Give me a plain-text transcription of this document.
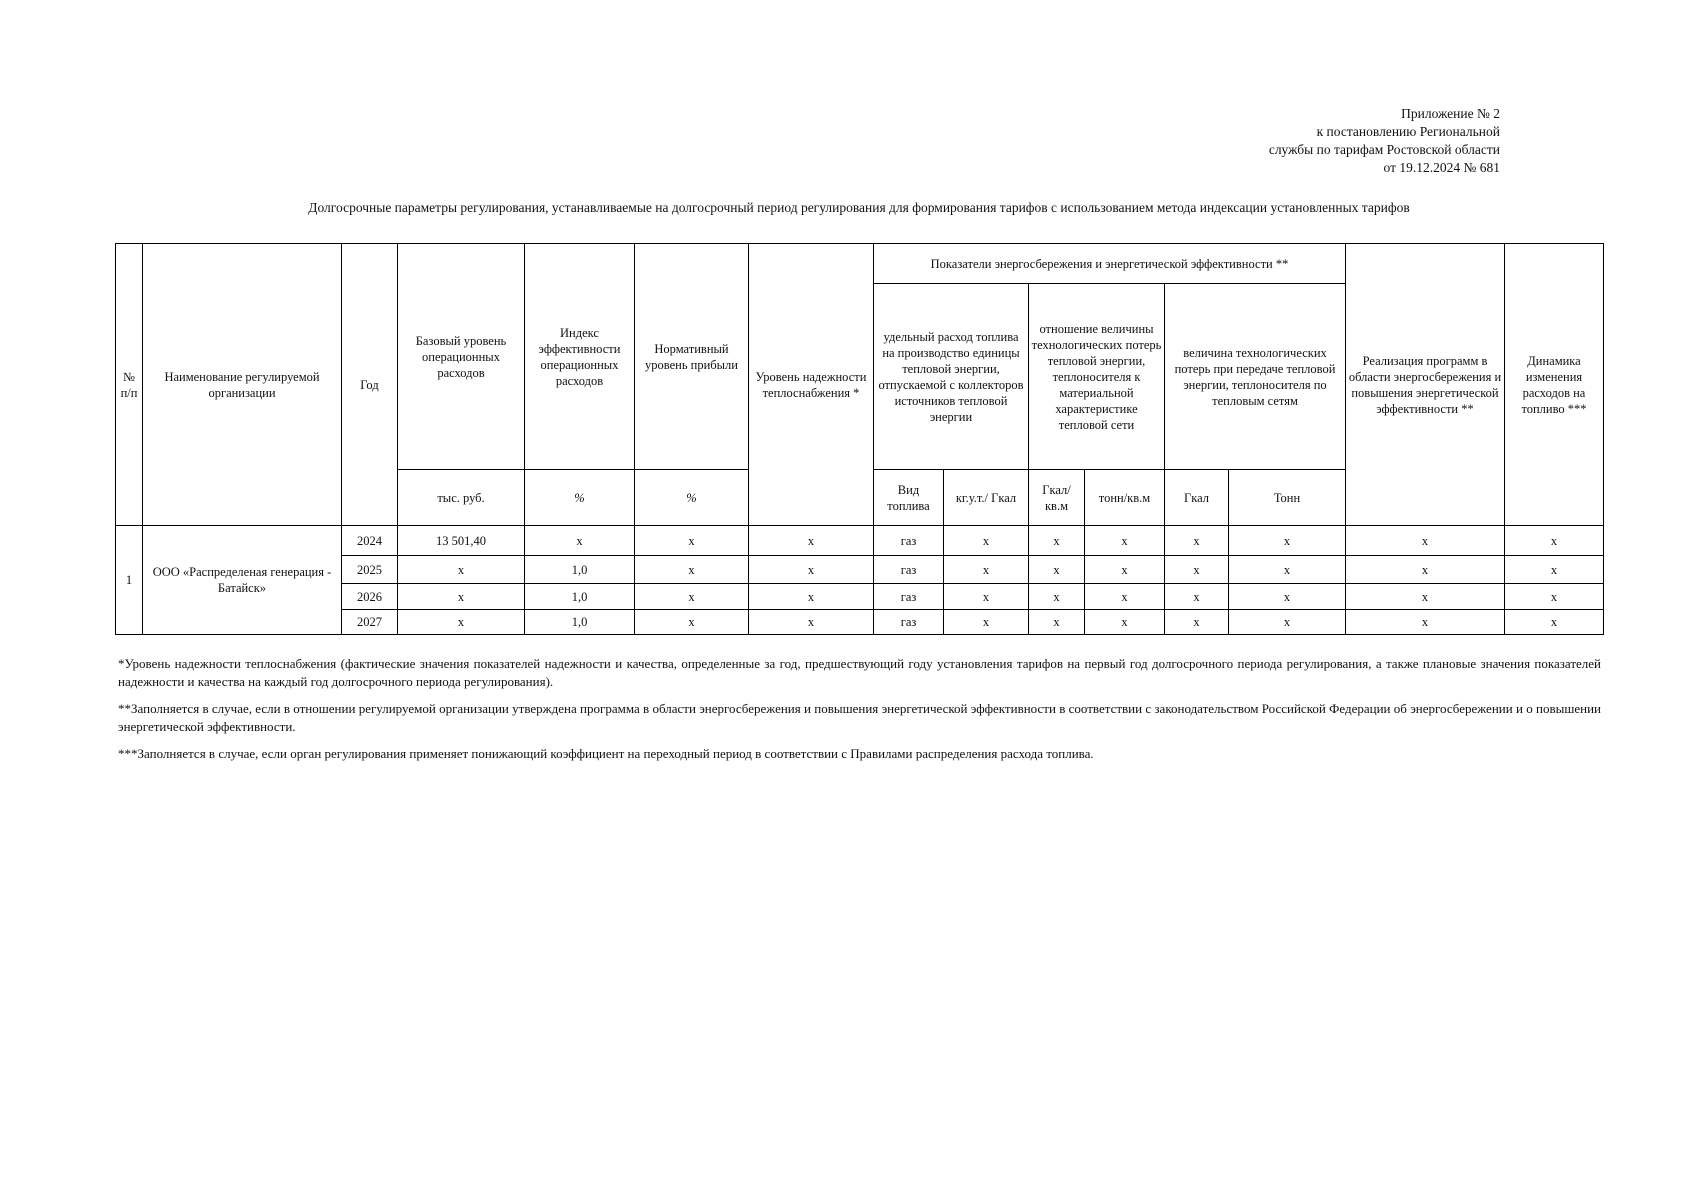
Приложение № 2
к постановлению Региональной
службы по тарифам Ростовской области
от 19.12.2024 № 681
Долгосрочные параметры регулирования, устанавливаемые на долгосрочный период регулирования для формирования тарифов с использованием метода индексации установленных тарифов
№ п/п	Наименование регулируемой организации	Год	Базовый уровень операционных расходов	Индекс эффективности операционных расходов	Нормативный уровень прибыли	Уровень надежности теплоснабжения *	Показатели энергосбережения и энергетической эффективности **						Реализация программ в области энергосбережения и повышения энергетической эффективности **	Динамика изменения расходов на топливо ***
							удельный расход топлива на производство единицы тепловой энергии, отпускаемой с коллекторов источников тепловой энергии		отношение величины технологических потерь тепловой энергии, теплоносителя к материальной характеристике тепловой сети		величина технологических потерь при передаче тепловой энергии, теплоносителя по тепловым сетям			
			тыс. руб.	%	%		Вид топлива	кг.у.т./ Гкал	Гкал/ кв.м	тонн/кв.м	Гкал	Тонн		
1	ООО «Распределеная генерация - Батайск»	2024	13 501,40	х	х	х	газ	х	х	х	х	х	х	х
		2025	х	1,0	х	х	газ	х	х	х	х	х	х	х
		2026	х	1,0	х	х	газ	х	х	х	х	х	х	х
		2027	х	1,0	х	х	газ	х	х	х	х	х	х	х

*Уровень надежности теплоснабжения (фактические значения показателей надежности и качества, определенные за год, предшествующий году установления тарифов на первый год долгосрочного периода регулирования, а также плановые значения показателей надежности и качества на каждый год долгосрочного периода регулирования).

**Заполняется в случае, если в отношении регулируемой организации утверждена программа в области энергосбережения и повышения энергетической эффективности в соответствии с законодательством Российской Федерации об энергосбережении и о повышении энергетической эффективности.

***Заполняется в случае, если орган регулирования применяет понижающий коэффициент на переходный период в соответствии с Правилами распределения расхода топлива.
